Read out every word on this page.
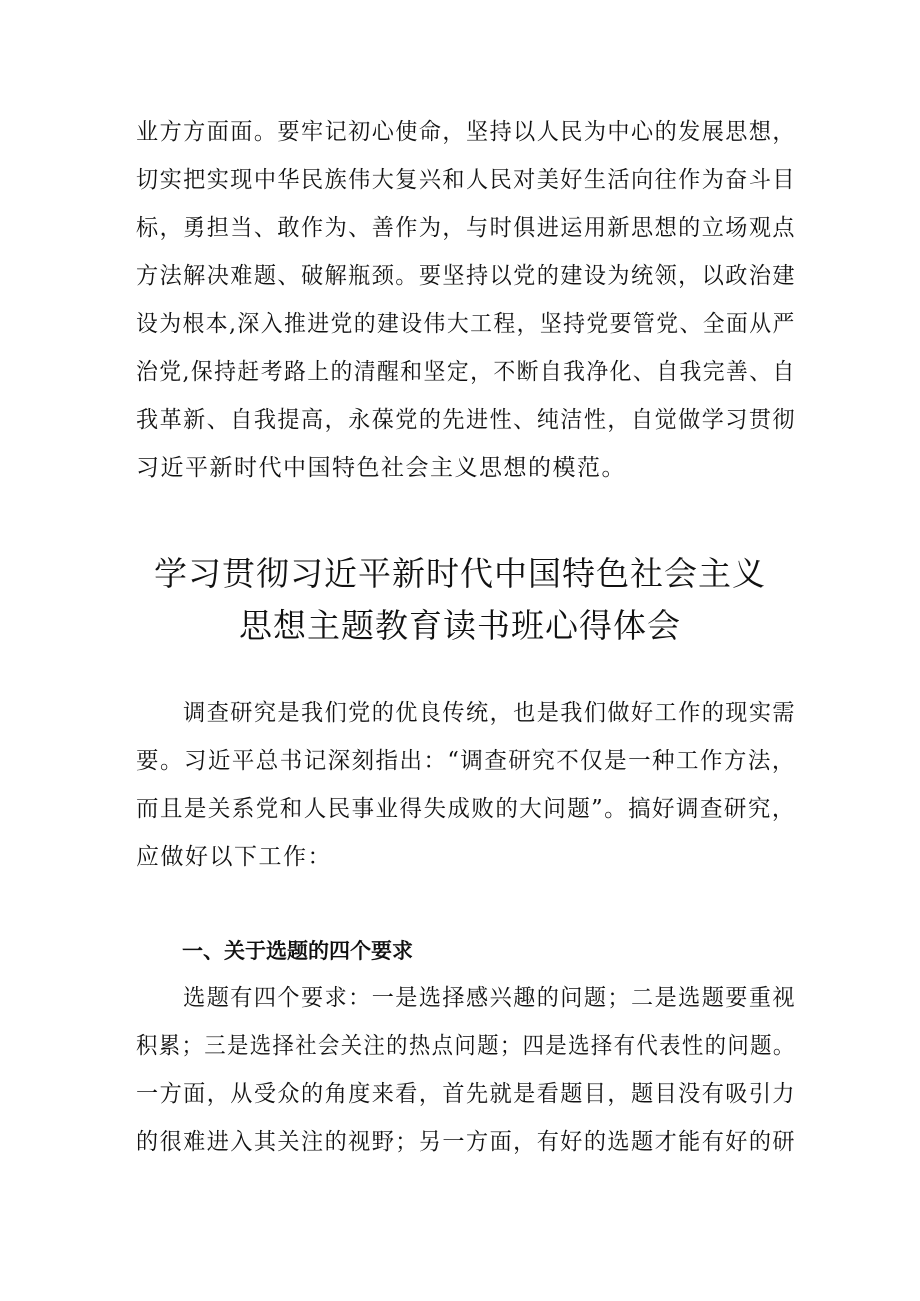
业方方面面。要牢记初心使命，坚持以人民为中心的发展思想，
切实把实现中华民族伟大复兴和人民对美好生活向往作为奋斗目
标，勇担当、敢作为、善作为，与时俱进运用新思想的立场观点
方法解决难题、破解瓶颈。要坚持以党的建设为统领，以政治建
设为根本,深入推进党的建设伟大工程，坚持党要管党、全面从严
治党,保持赶考路上的清醒和坚定，不断自我净化、自我完善、自
我革新、自我提高，永葆党的先进性、纯洁性，自觉做学习贯彻
习近平新时代中国特色社会主义思想的模范。
学习贯彻习近平新时代中国特色社会主义
思想主题教育读书班心得体会
　　调查研究是我们党的优良传统，也是我们做好工作的现实需
要。习近平总书记深刻指出：“调查研究不仅是一种工作方法，
而且是关系党和人民事业得失成败的大问题”。搞好调查研究，
应做好以下工作：
一、关于选题的四个要求
　　选题有四个要求：一是选择感兴趣的问题；二是选题要重视
积累；三是选择社会关注的热点问题；四是选择有代表性的问题。
一方面，从受众的角度来看，首先就是看题目，题目没有吸引力
的很难进入其关注的视野；另一方面，有好的选题才能有好的研
